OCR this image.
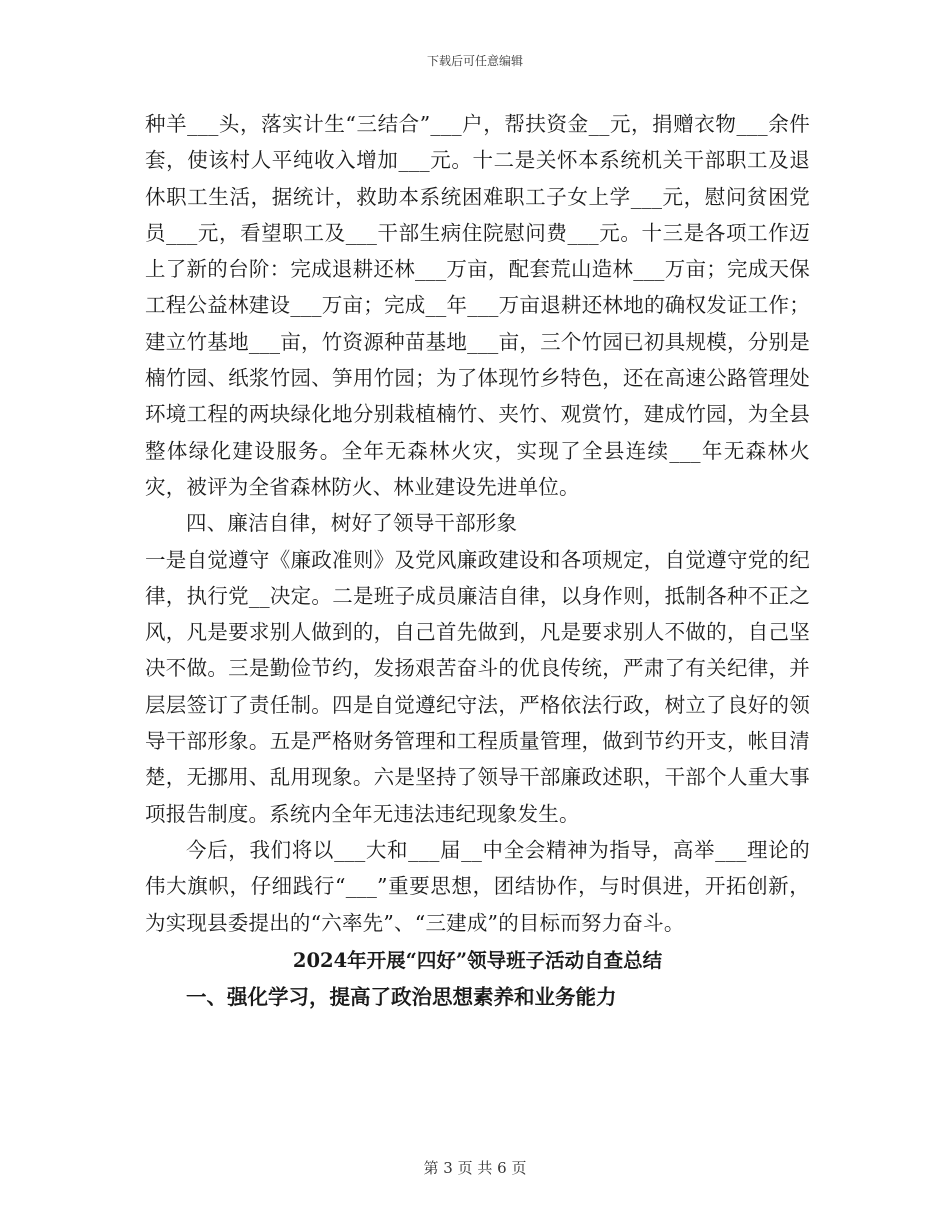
下载后可任意编辑

种羊___头，落实计生“三结合”___户，帮扶资金__元，捐赠衣物___余件套，使该村人平纯收入增加___元。十二是关怀本系统机关干部职工及退休职工生活，据统计，救助本系统困难职工子女上学___元，慰问贫困党员___元，看望职工及___干部生病住院慰问费___元。十三是各项工作迈上了新的台阶：完成退耕还林___万亩，配套荒山造林___万亩；完成天保工程公益林建设___万亩；完成__年___万亩退耕还林地的确权发证工作；建立竹基地___亩，竹资源种苗基地___亩，三个竹园已初具规模，分别是楠竹园、纸浆竹园、笋用竹园；为了体现竹乡特色，还在高速公路管理处环境工程的两块绿化地分别栽植楠竹、夹竹、观赏竹，建成竹园，为全县整体绿化建设服务。全年无森林火灾，实现了全县连续___年无森林火灾，被评为全省森林防火、林业建设先进单位。

四、廉洁自律，树好了领导干部形象

一是自觉遵守《廉政准则》及党风廉政建设和各项规定，自觉遵守党的纪律，执行党__决定。二是班子成员廉洁自律，以身作则，抵制各种不正之风，凡是要求别人做到的，自己首先做到，凡是要求别人不做的，自己坚决不做。三是勤俭节约，发扬艰苦奋斗的优良传统，严肃了有关纪律，并层层签订了责任制。四是自觉遵纪守法，严格依法行政，树立了良好的领导干部形象。五是严格财务管理和工程质量管理，做到节约开支，帐目清楚，无挪用、乱用现象。六是坚持了领导干部廉政述职，干部个人重大事项报告制度。系统内全年无违法违纪现象发生。

今后，我们将以___大和___届__中全会精神为指导，高举___理论的伟大旗帜，仔细践行“___”重要思想，团结协作，与时俱进，开拓创新，为实现县委提出的“六率先”、“三建成”的目标而努力奋斗。

2024年开展“四好”领导班子活动自查总结
一、强化学习，提高了政治思想素养和业务能力
第 3 页 共 6 页
